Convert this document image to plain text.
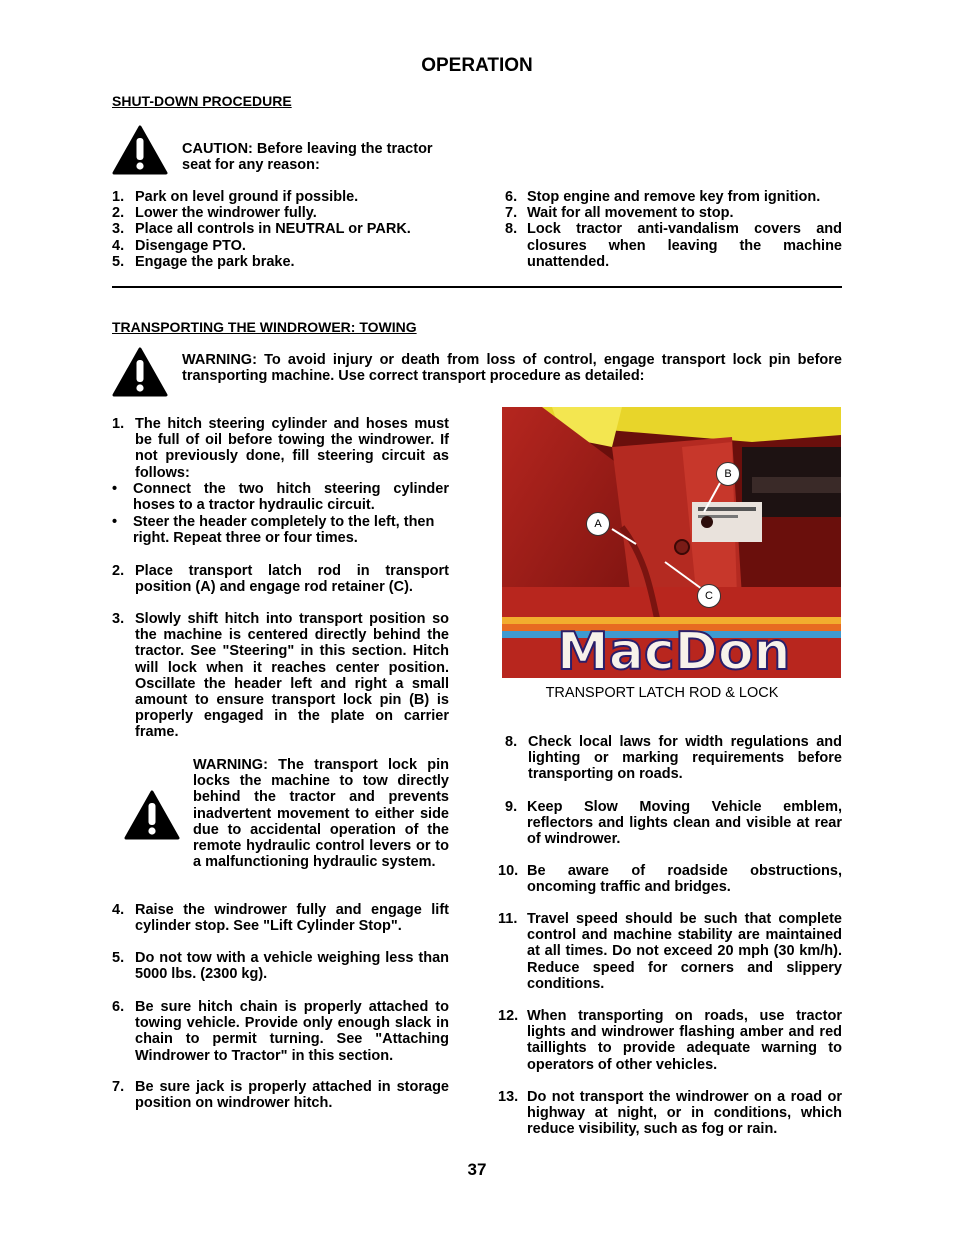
OPERATION
SHUT-DOWN PROCEDURE
CAUTION: Before leaving the tractor seat for any reason:
1. Park on level ground if possible.
2. Lower the windrower fully.
3. Place all controls in NEUTRAL or PARK.
4. Disengage PTO.
5. Engage the park brake.
6. Stop engine and remove key from ignition.
7. Wait for all movement to stop.
8. Lock tractor anti-vandalism covers and closures when leaving the machine unattended.
TRANSPORTING THE WINDROWER: TOWING
WARNING: To avoid injury or death from loss of control, engage transport lock pin before transporting machine. Use correct transport procedure as detailed:
1. The hitch steering cylinder and hoses must be full of oil before towing the windrower. If not previously done, fill steering circuit as follows:
• Connect the two hitch steering cylinder hoses to a tractor hydraulic circuit.
• Steer the header completely to the left, then right. Repeat three or four times.
2. Place transport latch rod in transport position (A) and engage rod retainer (C).
3. Slowly shift hitch into transport position so the machine is centered directly behind the tractor. See "Steering" in this section. Hitch will lock when it reaches center position. Oscillate the header left and right a small amount to ensure transport lock pin (B) is properly engaged in the plate on carrier frame.
WARNING: The transport lock pin locks the machine to tow directly behind the tractor and prevents inadvertent movement to either side due to accidental operation of the remote hydraulic control levers or to a malfunctioning hydraulic system.
4. Raise the windrower fully and engage lift cylinder stop. See "Lift Cylinder Stop".
5. Do not tow with a vehicle weighing less than 5000 lbs. (2300 kg).
6. Be sure hitch chain is properly attached to towing vehicle. Provide only enough slack in chain to permit turning. See "Attaching Windrower to Tractor" in this section.
7. Be sure jack is properly attached in storage position on windrower hitch.
MacDon
A
B
C
TRANSPORT LATCH ROD & LOCK
8. Check local laws for width regulations and lighting or marking requirements before transporting on roads.
9. Keep Slow Moving Vehicle emblem, reflectors and lights clean and visible at rear of windrower.
10. Be aware of roadside obstructions, oncoming traffic and bridges.
11. Travel speed should be such that complete control and machine stability are maintained at all times. Do not exceed 20 mph (30 km/h). Reduce speed for corners and slippery conditions.
12. When transporting on roads, use tractor lights and windrower flashing amber and red taillights to provide adequate warning to operators of other vehicles.
13. Do not transport the windrower on a road or highway at night, or in conditions, which reduce visibility, such as fog or rain.
37
